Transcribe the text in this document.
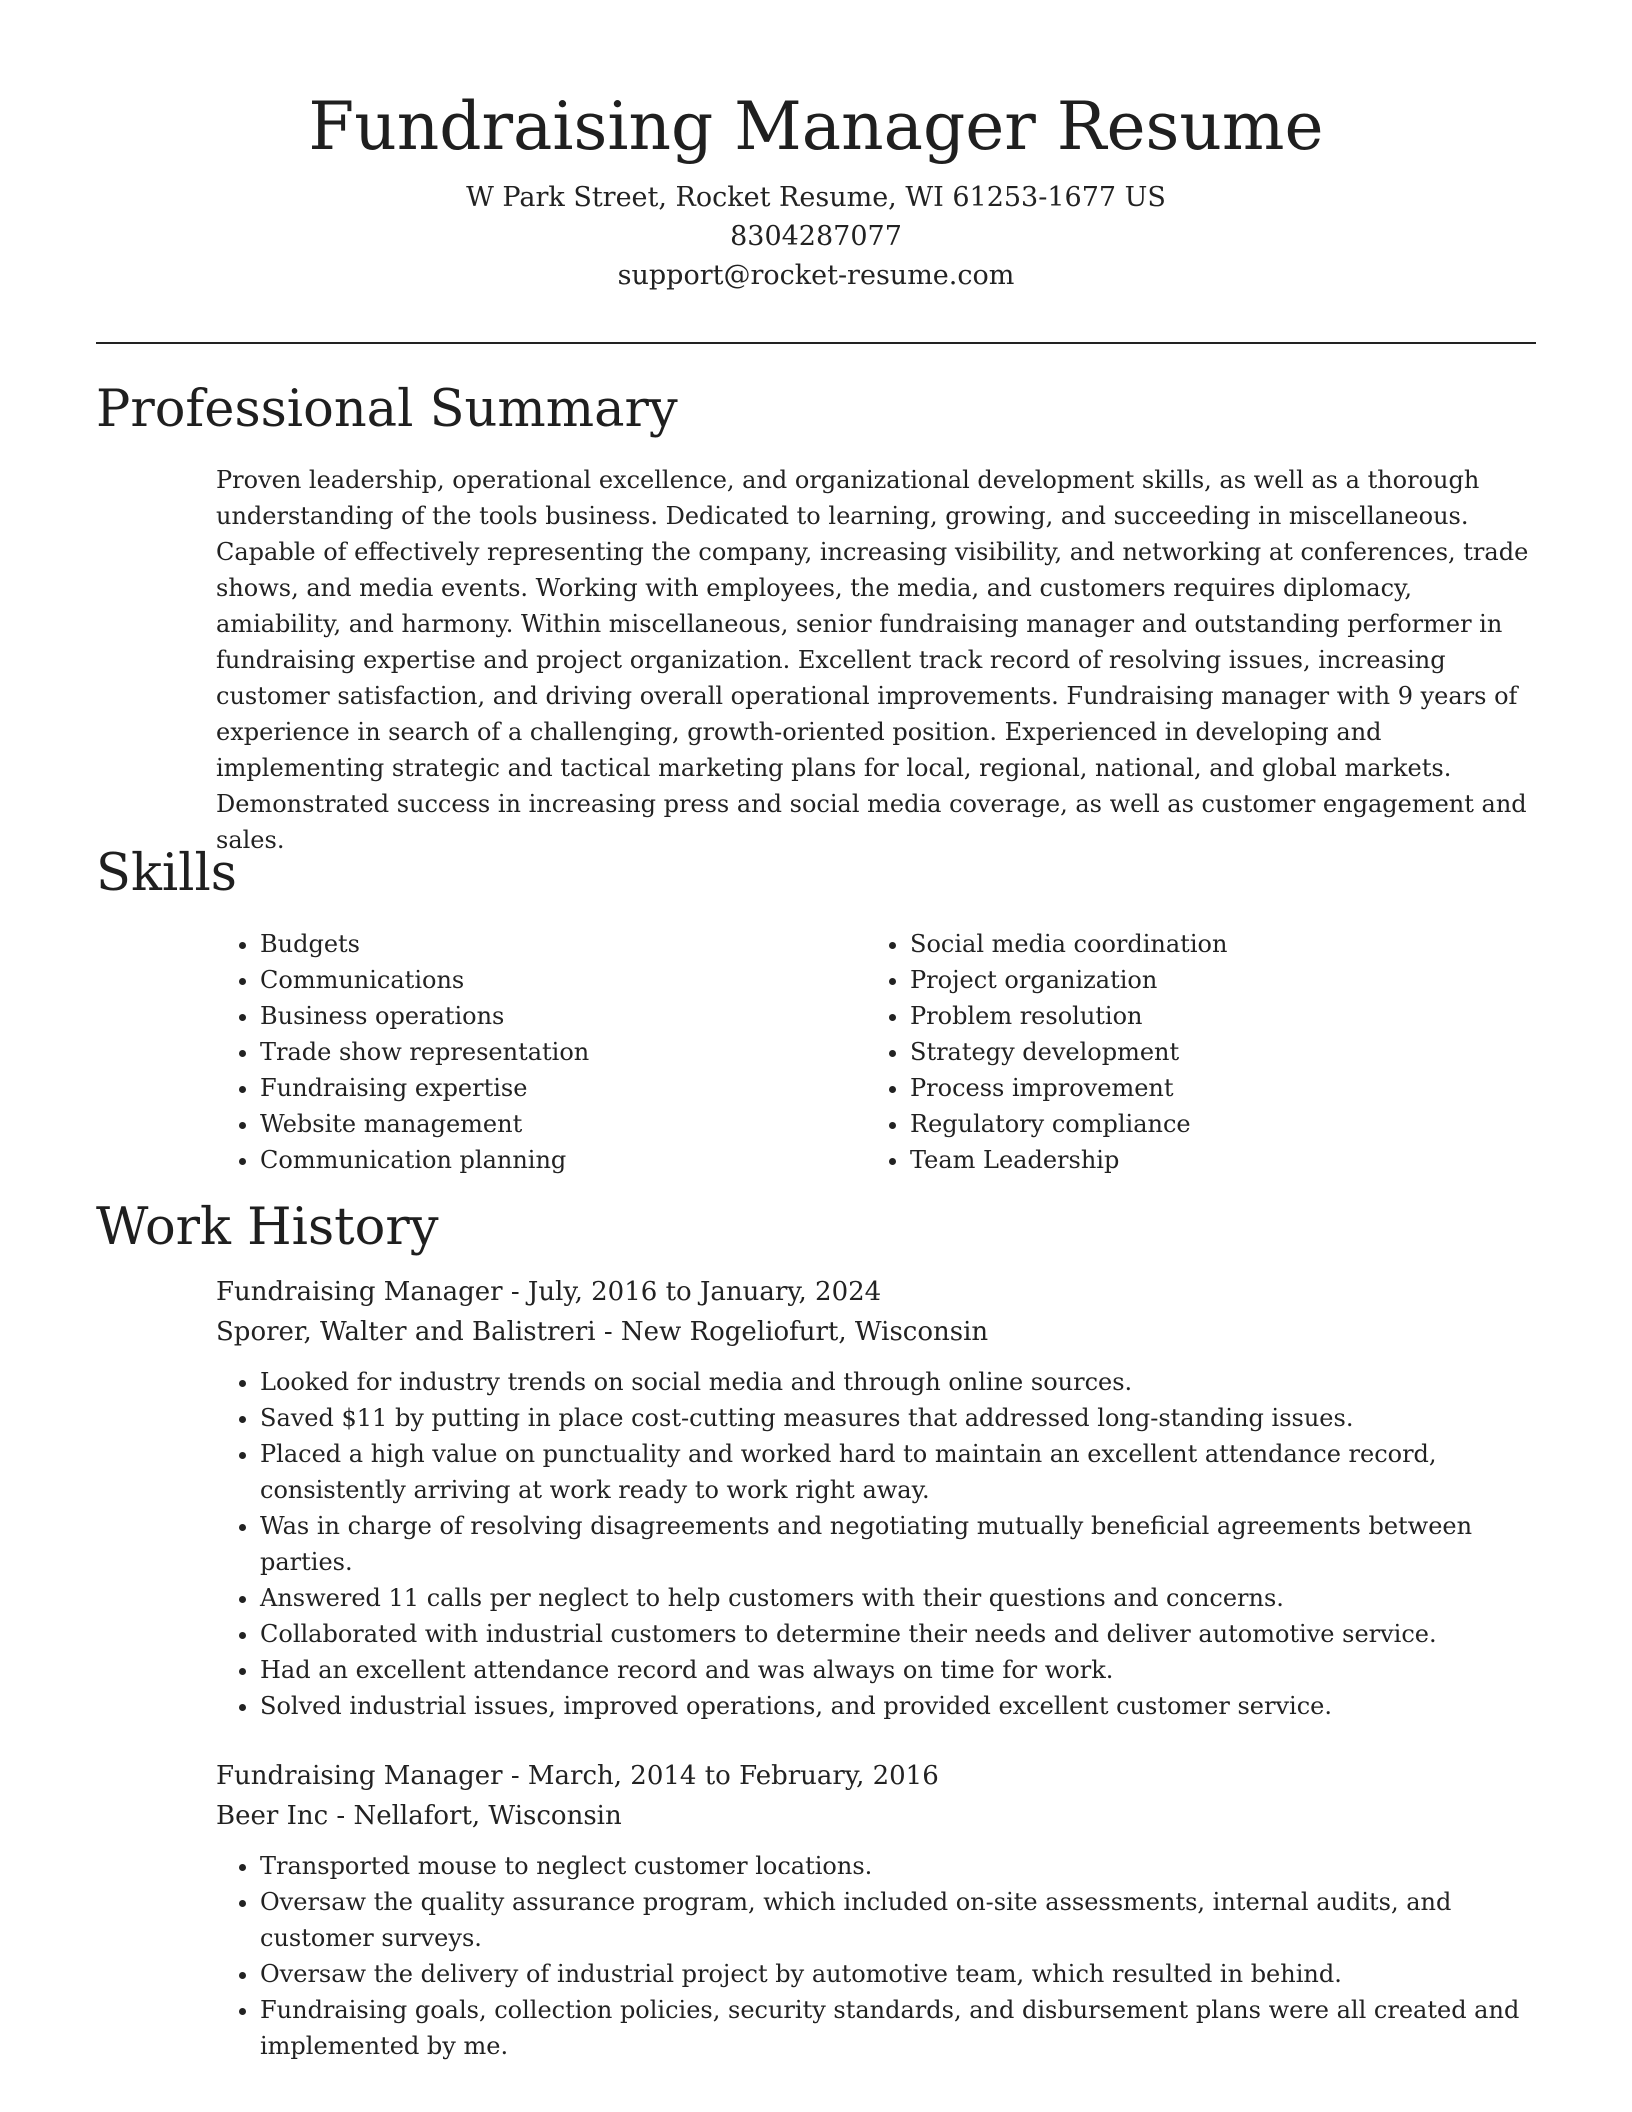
Fundraising Manager Resume
W Park Street, Rocket Resume, WI 61253-1677 US
8304287077
support@rocket-resume.com
Professional Summary

Proven leadership, operational excellence, and organizational development skills, as well as a thorough understanding of the tools business. Dedicated to learning, growing, and succeeding in miscellaneous. Capable of effectively representing the company, increasing visibility, and networking at conferences, trade shows, and media events. Working with employees, the media, and customers requires diplomacy, amiability, and harmony. Within miscellaneous, senior fundraising manager and outstanding performer in fundraising expertise and project organization. Excellent track record of resolving issues, increasing customer satisfaction, and driving overall operational improvements. Fundraising manager with 9 years of experience in search of a challenging, growth-oriented position. Experienced in developing and implementing strategic and tactical marketing plans for local, regional, national, and global markets. Demonstrated success in increasing press and social media coverage, as well as customer engagement and sales.

Skills
• Budgets
• Communications
• Business operations
• Trade show representation
• Fundraising expertise
• Website management
• Communication planning
• Social media coordination
• Project organization
• Problem resolution
• Strategy development
• Process improvement
• Regulatory compliance
• Team Leadership
Work History
Fundraising Manager - July, 2016 to January, 2024
Sporer, Walter and Balistreri - New Rogeliofurt, Wisconsin
• Looked for industry trends on social media and through online sources.
• Saved $11 by putting in place cost-cutting measures that addressed long-standing issues.
• Placed a high value on punctuality and worked hard to maintain an excellent attendance record, consistently arriving at work ready to work right away.
• Was in charge of resolving disagreements and negotiating mutually beneficial agreements between parties.
• Answered 11 calls per neglect to help customers with their questions and concerns.
• Collaborated with industrial customers to determine their needs and deliver automotive service.
• Had an excellent attendance record and was always on time for work.
• Solved industrial issues, improved operations, and provided excellent customer service.
Fundraising Manager - March, 2014 to February, 2016
Beer Inc - Nellafort, Wisconsin
• Transported mouse to neglect customer locations.
• Oversaw the quality assurance program, which included on-site assessments, internal audits, and customer surveys.
• Oversaw the delivery of industrial project by automotive team, which resulted in behind.
• Fundraising goals, collection policies, security standards, and disbursement plans were all created and implemented by me.
